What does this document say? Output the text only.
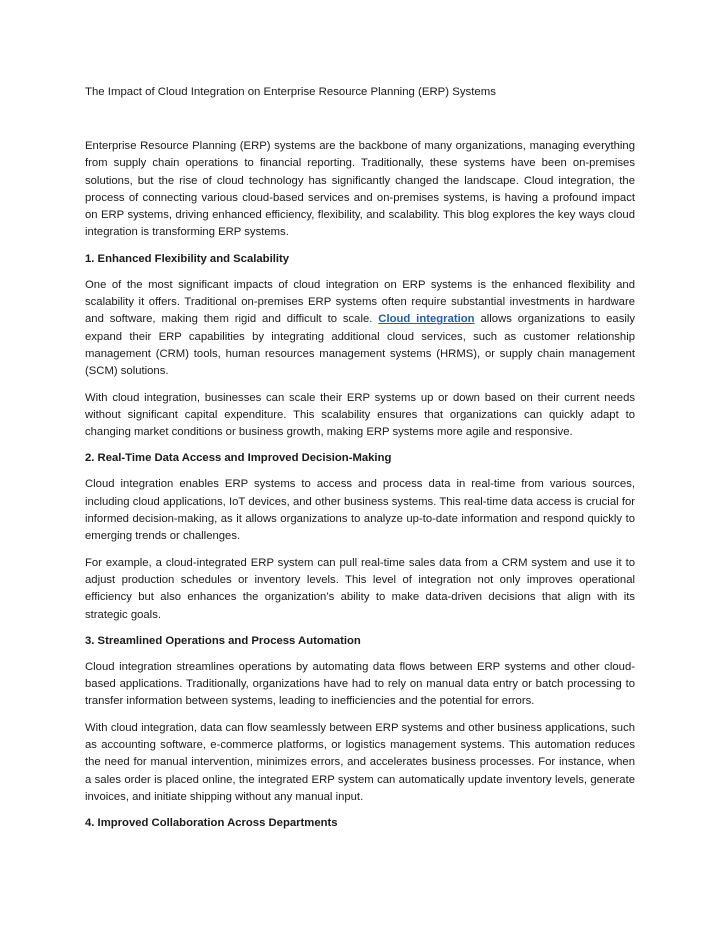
The Impact of Cloud Integration on Enterprise Resource Planning (ERP) Systems

Enterprise Resource Planning (ERP) systems are the backbone of many organizations, managing everything from supply chain operations to financial reporting. Traditionally, these systems have been on-premises solutions, but the rise of cloud technology has significantly changed the landscape. Cloud integration, the process of connecting various cloud-based services and on-premises systems, is having a profound impact on ERP systems, driving enhanced efficiency, flexibility, and scalability. This blog explores the key ways cloud integration is transforming ERP systems.

1. Enhanced Flexibility and Scalability

One of the most significant impacts of cloud integration on ERP systems is the enhanced flexibility and scalability it offers. Traditional on-premises ERP systems often require substantial investments in hardware and software, making them rigid and difficult to scale. Cloud integration allows organizations to easily expand their ERP capabilities by integrating additional cloud services, such as customer relationship management (CRM) tools, human resources management systems (HRMS), or supply chain management (SCM) solutions.

With cloud integration, businesses can scale their ERP systems up or down based on their current needs without significant capital expenditure. This scalability ensures that organizations can quickly adapt to changing market conditions or business growth, making ERP systems more agile and responsive.

2. Real-Time Data Access and Improved Decision-Making

Cloud integration enables ERP systems to access and process data in real-time from various sources, including cloud applications, IoT devices, and other business systems. This real-time data access is crucial for informed decision-making, as it allows organizations to analyze up-to-date information and respond quickly to emerging trends or challenges.

For example, a cloud-integrated ERP system can pull real-time sales data from a CRM system and use it to adjust production schedules or inventory levels. This level of integration not only improves operational efficiency but also enhances the organization’s ability to make data-driven decisions that align with its strategic goals.

3. Streamlined Operations and Process Automation

Cloud integration streamlines operations by automating data flows between ERP systems and other cloud-based applications. Traditionally, organizations have had to rely on manual data entry or batch processing to transfer information between systems, leading to inefficiencies and the potential for errors.

With cloud integration, data can flow seamlessly between ERP systems and other business applications, such as accounting software, e-commerce platforms, or logistics management systems. This automation reduces the need for manual intervention, minimizes errors, and accelerates business processes. For instance, when a sales order is placed online, the integrated ERP system can automatically update inventory levels, generate invoices, and initiate shipping without any manual input.

4. Improved Collaboration Across Departments
